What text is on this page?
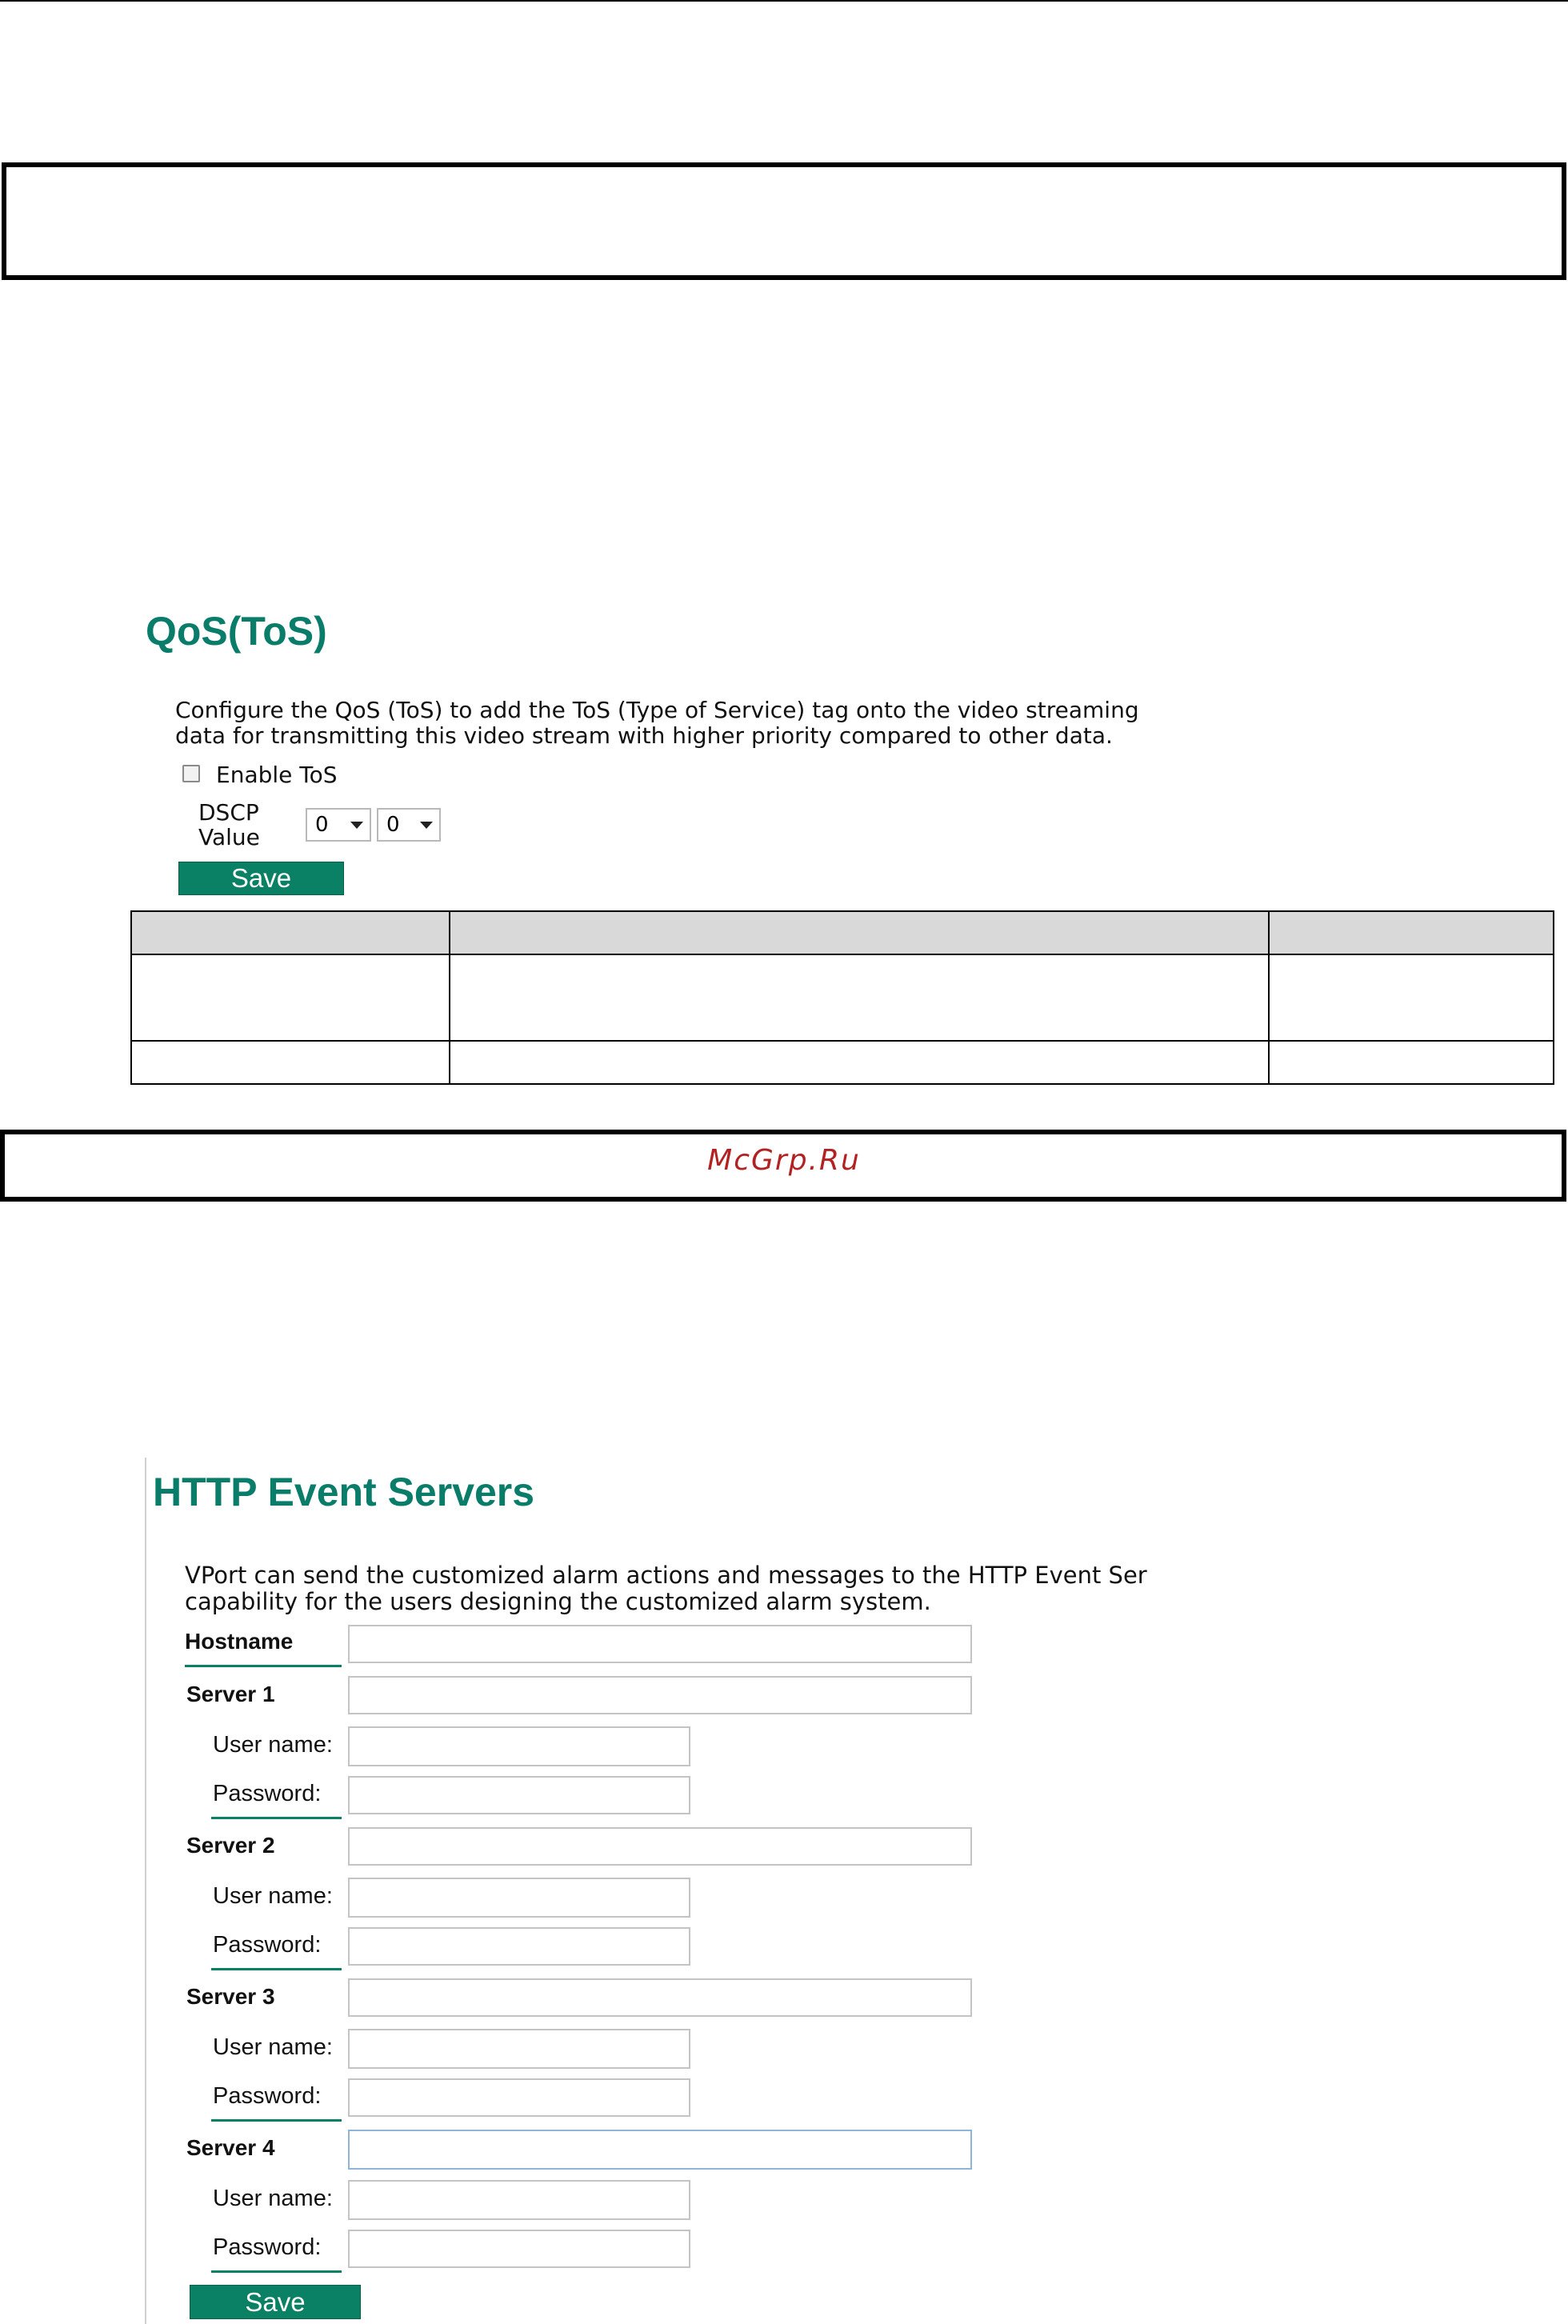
QoS(ToS)
Configure the QoS (ToS) to add the ToS (Type of Service) tag onto the video streaming
data for transmitting this video stream with higher priority compared to other data.
Enable ToS
DSCP
Value	0	0
Save

McGrp.Ru
HTTP Event Servers
VPort can send the customized alarm actions and messages to the HTTP Event Ser
capability for the users designing the customized alarm system.
Hostname
Server 1
User name:
Password:
Server 2
User name:
Password:
Server 3
User name:
Password:
Server 4
User name:
Password:
Save
